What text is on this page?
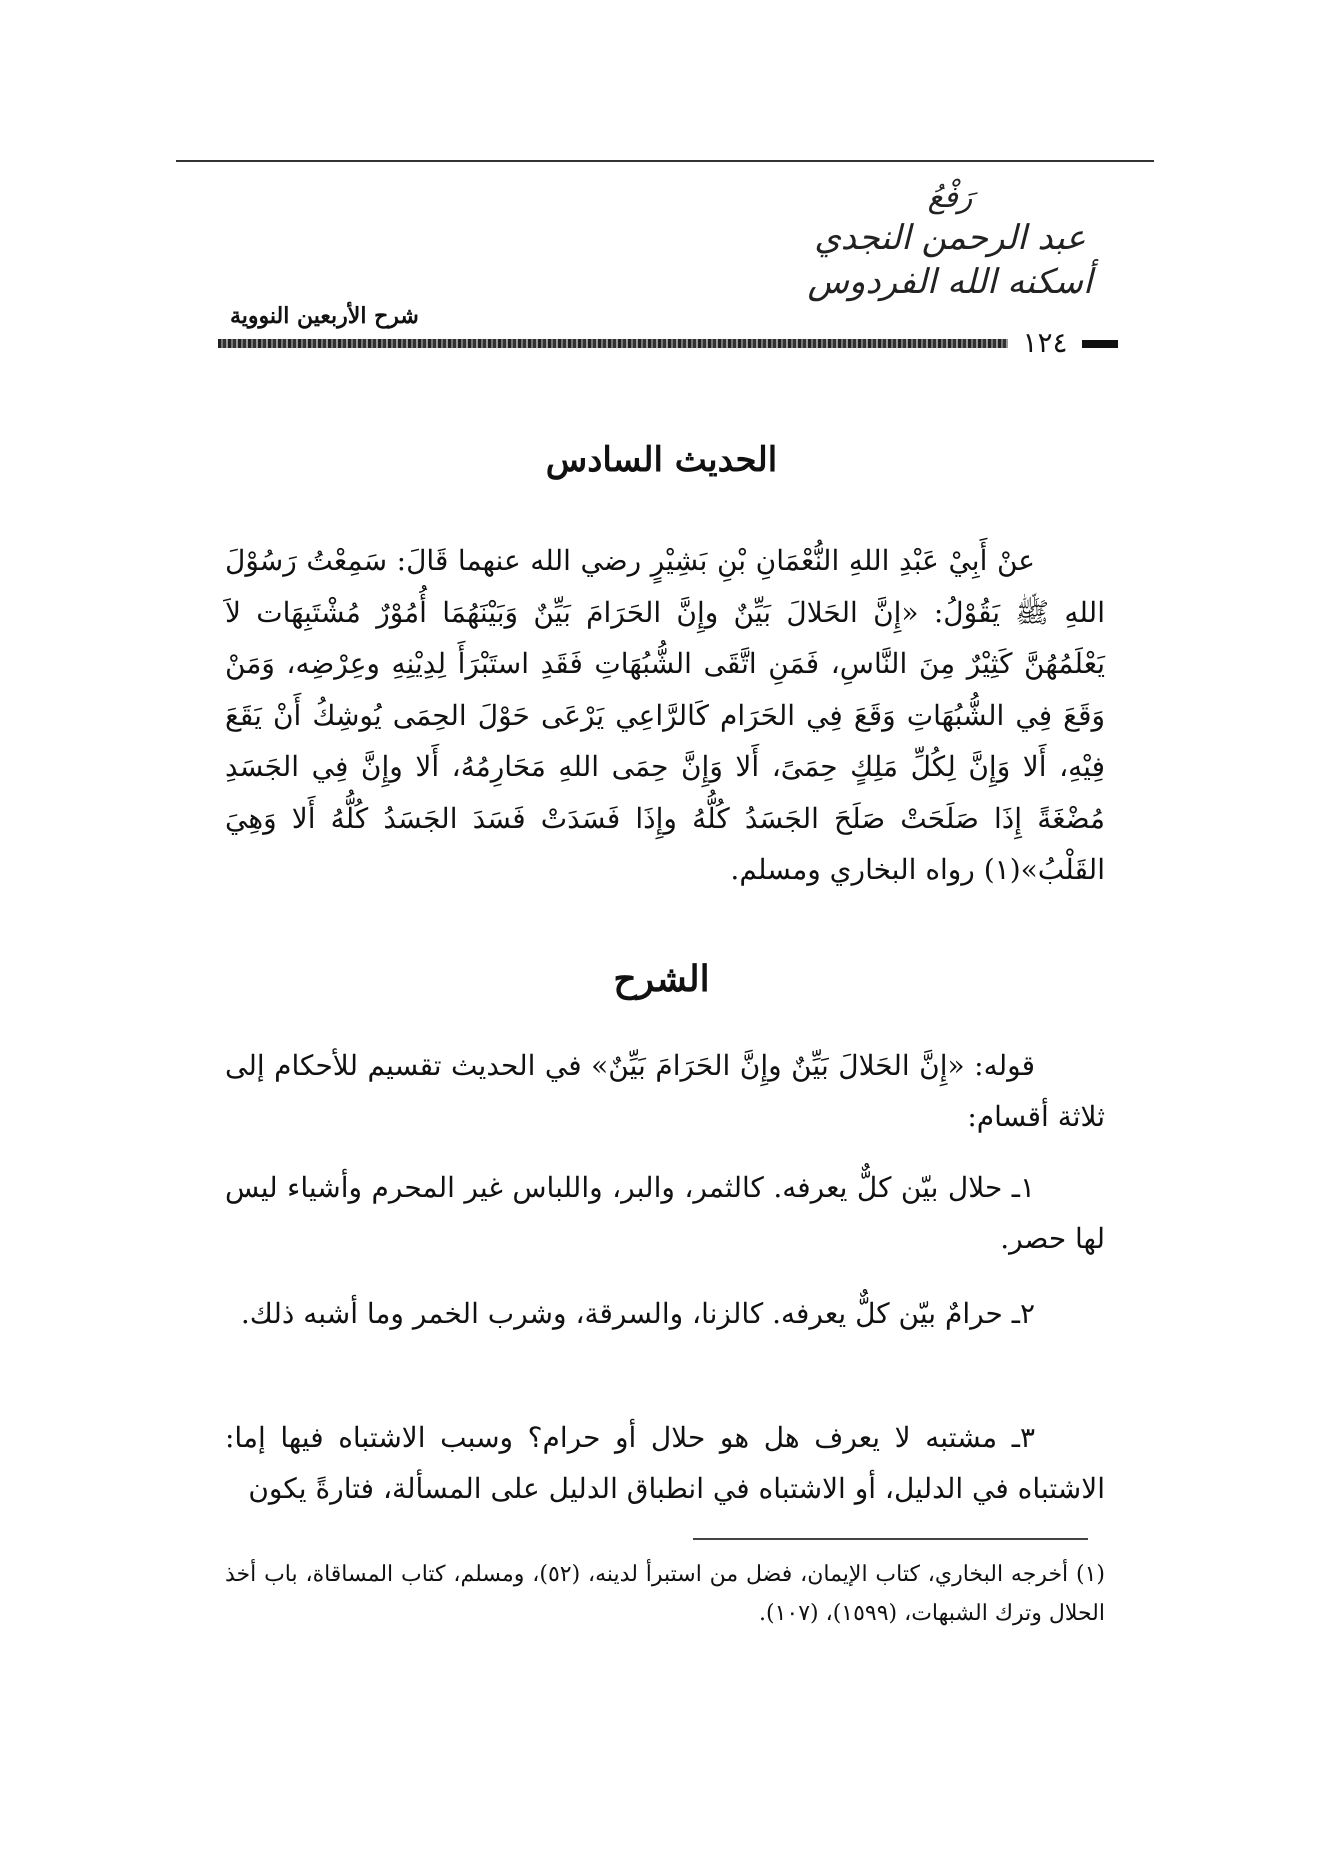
رَفْعُ
عبد الرحمن النجدي
أسكنه الله الفردوس
شرح الأربعين النووية
١٢٤
الحديث السادس

عنْ أَبِيْ عَبْدِ اللهِ النُّعْمَانِ بْنِ بَشِيْرٍ رضي الله عنهما قَالَ: سَمِعْتُ رَسُوْلَ اللهِ ﷺ يَقُوْلُ: «إِنَّ الحَلالَ بَيِّنٌ وإِنَّ الحَرَامَ بَيِّنٌ وَبَيْنَهُمَا أُمُوْرٌ مُشْتَبِهَات لاَ يَعْلَمُهُنَّ كَثِيْرٌ مِنَ النَّاسِ، فَمَنِ اتَّقَى الشُّبُهَاتِ فَقَدِ استَبْرَأَ لِدِيْنِهِ وعِرْضِه، وَمَنْ وَقَعَ فِي الشُّبُهَاتِ وَقَعَ فِي الحَرَام كَالرَّاعِي يَرْعَى حَوْلَ الحِمَى يُوشِكُ أَنْ يَقَعَ فِيْهِ، أَلا وَإِنَّ لِكُلِّ مَلِكٍ حِمَىً، أَلا وَإِنَّ حِمَى اللهِ مَحَارِمُهُ، أَلا وإِنَّ فِي الجَسَدِ مُضْغَةً إِذَا صَلَحَتْ صَلَحَ الجَسَدُ كُلُّهُ وإِذَا فَسَدَتْ فَسَدَ الجَسَدُ كُلُّهُ أَلا وَهِيَ القَلْبُ»(١) رواه البخاري ومسلم.

الشرح

قوله: «إِنَّ الحَلالَ بَيِّنٌ وإِنَّ الحَرَامَ بَيِّنٌ» في الحديث تقسيم للأحكام إلى ثلاثة أقسام:

١ـ حلال بيّن كلٌّ يعرفه. كالثمر، والبر، واللباس غير المحرم وأشياء ليس لها حصر.

٢ـ حرامٌ بيّن كلٌّ يعرفه. كالزنا، والسرقة، وشرب الخمر وما أشبه ذلك.

٣ـ مشتبه لا يعرف هل هو حلال أو حرام؟ وسبب الاشتباه فيها إما: الاشتباه في الدليل، أو الاشتباه في انطباق الدليل على المسألة، فتارةً يكون

(١) أخرجه البخاري، كتاب الإيمان، فضل من استبرأ لدينه، (٥٢)، ومسلم، كتاب المساقاة، باب أخذ الحلال وترك الشبهات، (١٥٩٩)، (١٠٧).
